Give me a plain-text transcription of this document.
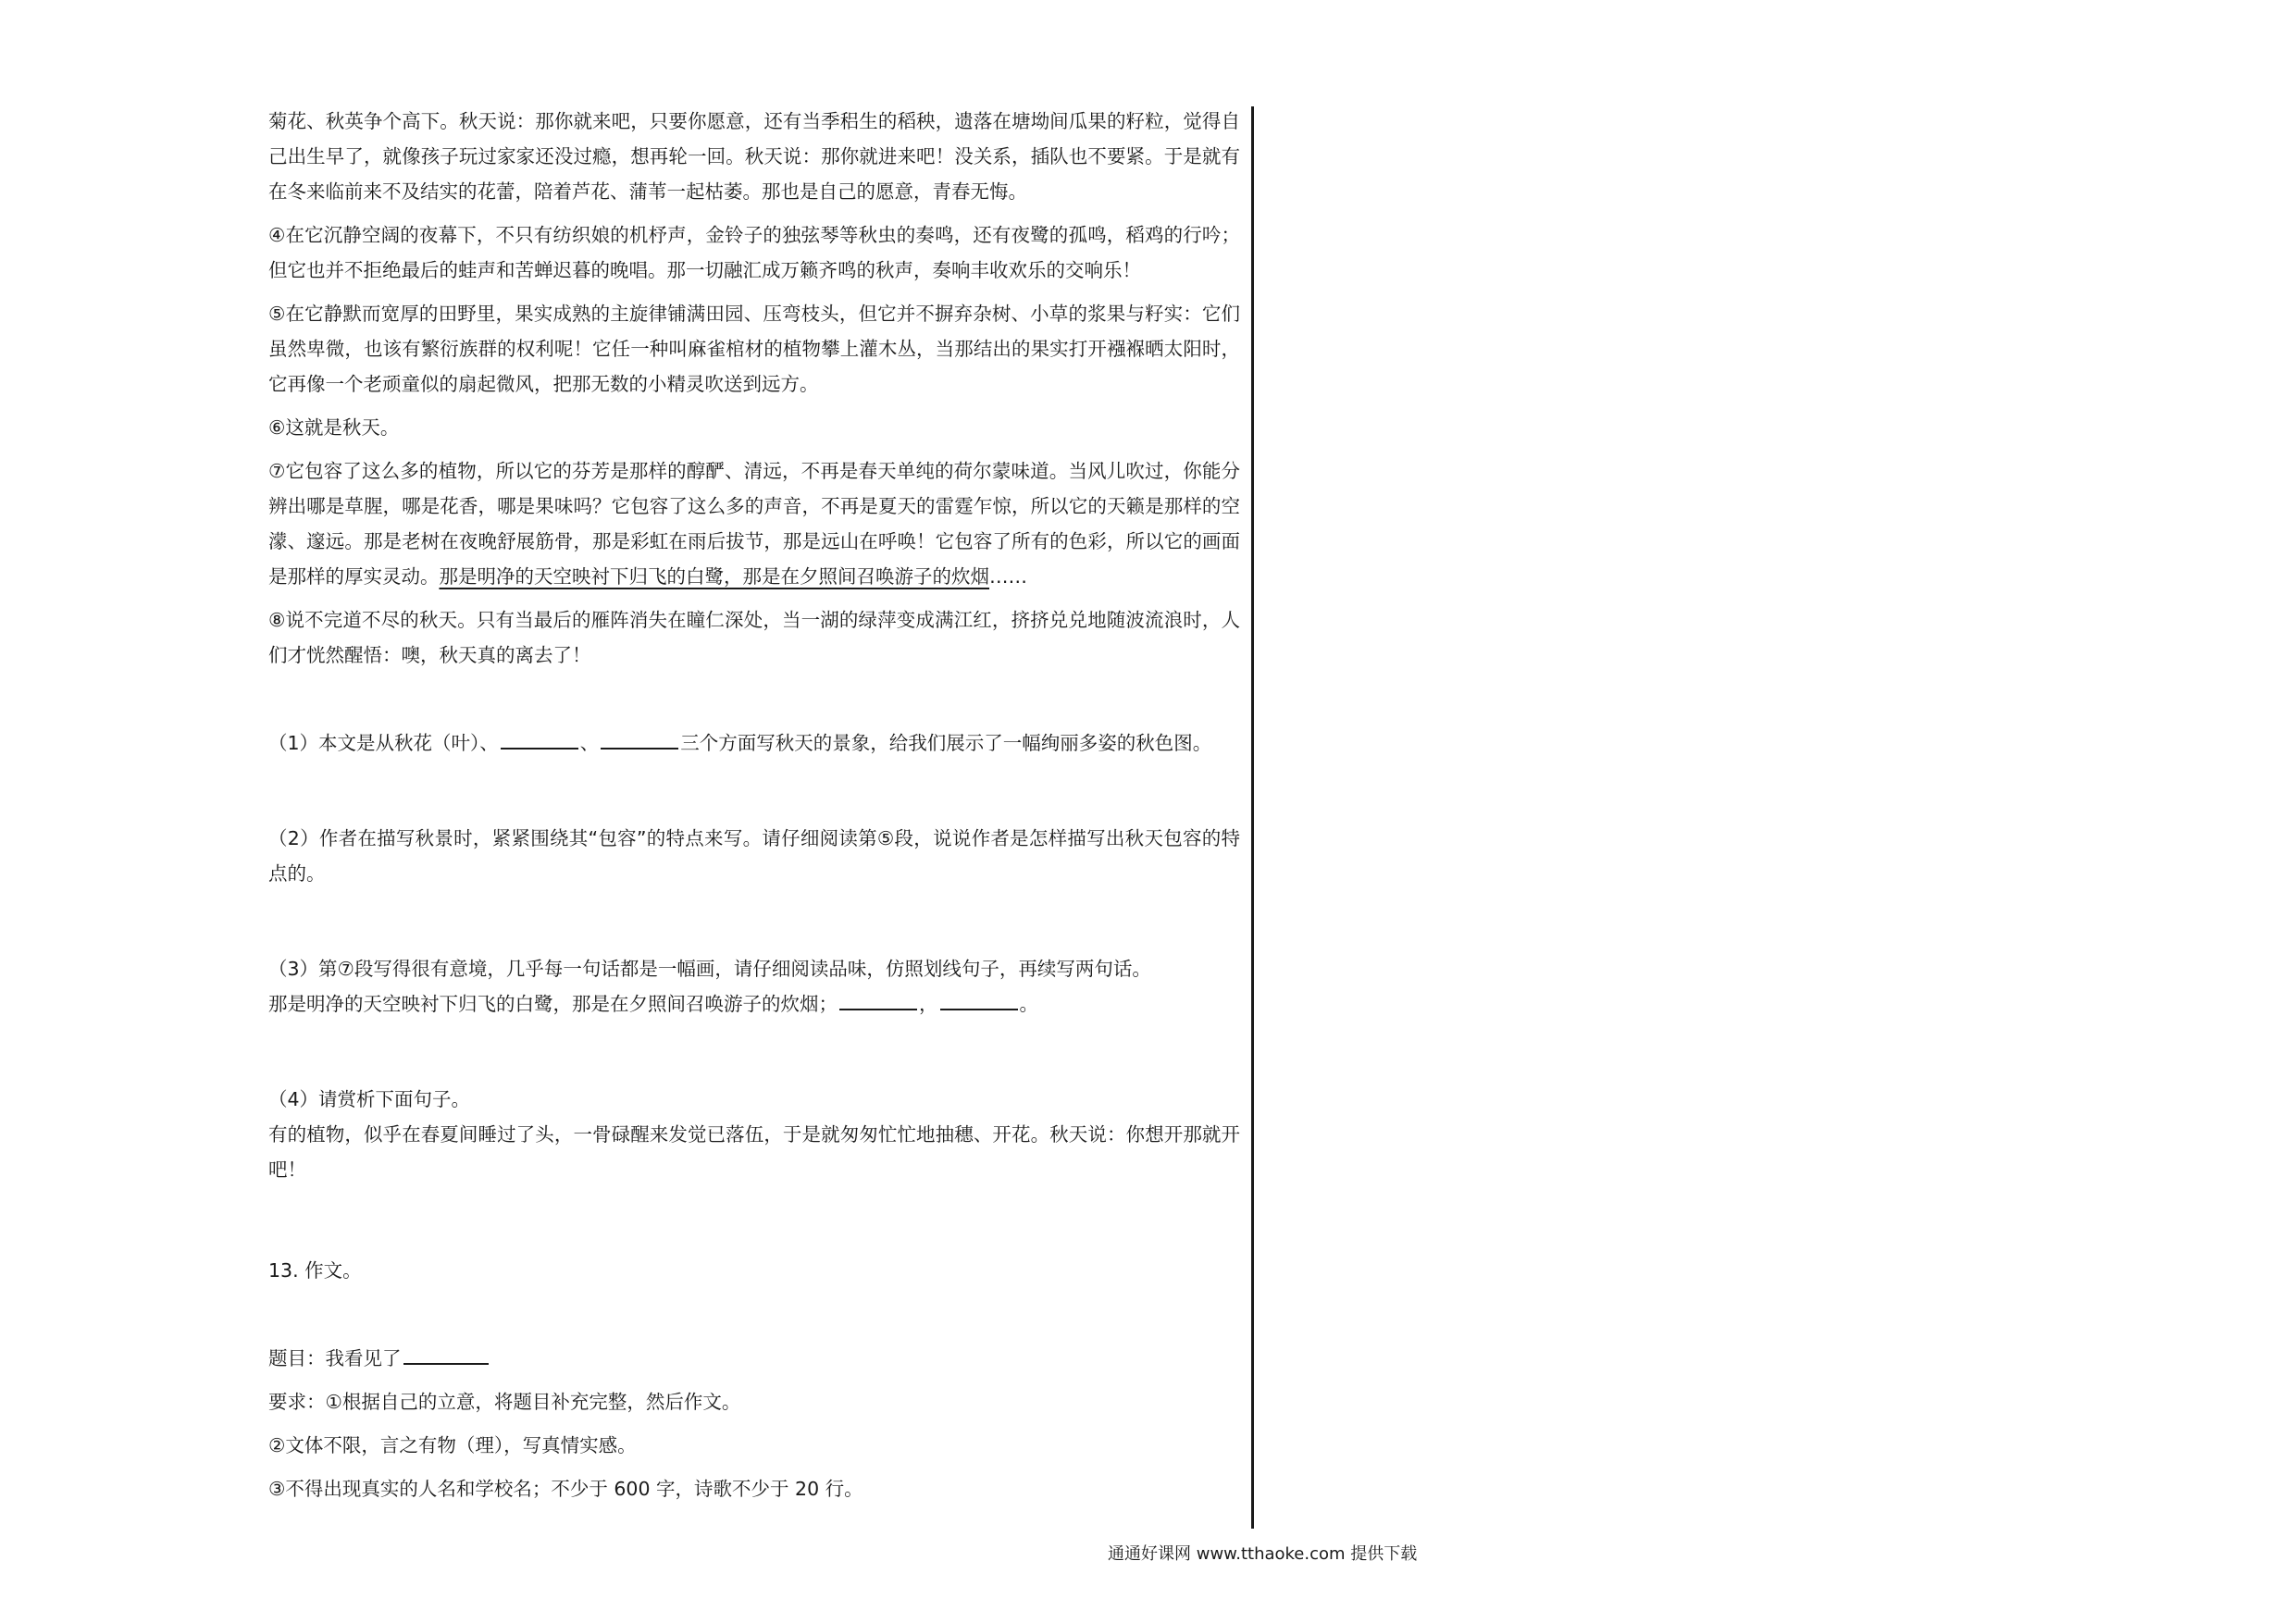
菊花、秋英争个高下。秋天说：那你就来吧，只要你愿意，还有当季稆生的稻秧，遗落在塘坳间瓜果的籽粒，觉得自己出生早了，就像孩子玩过家家还没过瘾，想再轮一回。秋天说：那你就进来吧！没关系，插队也不要紧。于是就有在冬来临前来不及结实的花蕾，陪着芦花、蒲苇一起枯萎。那也是自己的愿意，青春无悔。

④在它沉静空阔的夜幕下，不只有纺织娘的机杼声，金铃子的独弦琴等秋虫的奏鸣，还有夜鹭的孤鸣，稻鸡的行吟；但它也并不拒绝最后的蛙声和苦蝉迟暮的晚唱。那一切融汇成万籁齐鸣的秋声，奏响丰收欢乐的交响乐！

⑤在它静默而宽厚的田野里，果实成熟的主旋律铺满田园、压弯枝头，但它并不摒弃杂树、小草的浆果与籽实：它们虽然卑微，也该有繁衍族群的权利呢！它任一种叫麻雀棺材的植物攀上灌木丛，当那结出的果实打开襁褓晒太阳时，它再像一个老顽童似的扇起微风，把那无数的小精灵吹送到远方。

⑥这就是秋天。

⑦它包容了这么多的植物，所以它的芬芳是那样的醇酽、清远，不再是春天单纯的荷尔蒙味道。当风儿吹过，你能分辨出哪是草腥，哪是花香，哪是果味吗？它包容了这么多的声音，不再是夏天的雷霆乍惊，所以它的天籁是那样的空濛、邃远。那是老树在夜晚舒展筋骨，那是彩虹在雨后拔节，那是远山在呼唤！它包容了所有的色彩，所以它的画面是那样的厚实灵动。那是明净的天空映衬下归飞的白鹭，那是在夕照间召唤游子的炊烟……

⑧说不完道不尽的秋天。只有当最后的雁阵消失在瞳仁深处，当一湖的绿萍变成满江红，挤挤兑兑地随波流浪时，人们才恍然醒悟：噢，秋天真的离去了！

（1）本文是从秋花（叶）、	、	三个方面写秋天的景象，给我们展示了一幅绚丽多姿的秋色图。

（2）作者在描写秋景时，紧紧围绕其“包容”的特点来写。请仔细阅读第⑤段，说说作者是怎样描写出秋天包容的特点的。

（3）第⑦段写得很有意境，几乎每一句话都是一幅画，请仔细阅读品味，仿照划线句子，再续写两句话。
那是明净的天空映衬下归飞的白鹭，那是在夕照间召唤游子的炊烟；	，	。

（4）请赏析下面句子。
有的植物，似乎在春夏间睡过了头，一骨碌醒来发觉已落伍，于是就匆匆忙忙地抽穗、开花。秋天说：你想开那就开吧！

13. 作文。

题目：我看见了

要求：①根据自己的立意，将题目补充完整，然后作文。

②文体不限，言之有物（理），写真情实感。

③不得出现真实的人名和学校名；不少于 600 字，诗歌不少于 20 行。

通通好课网 www.tthaoke.com 提供下载
